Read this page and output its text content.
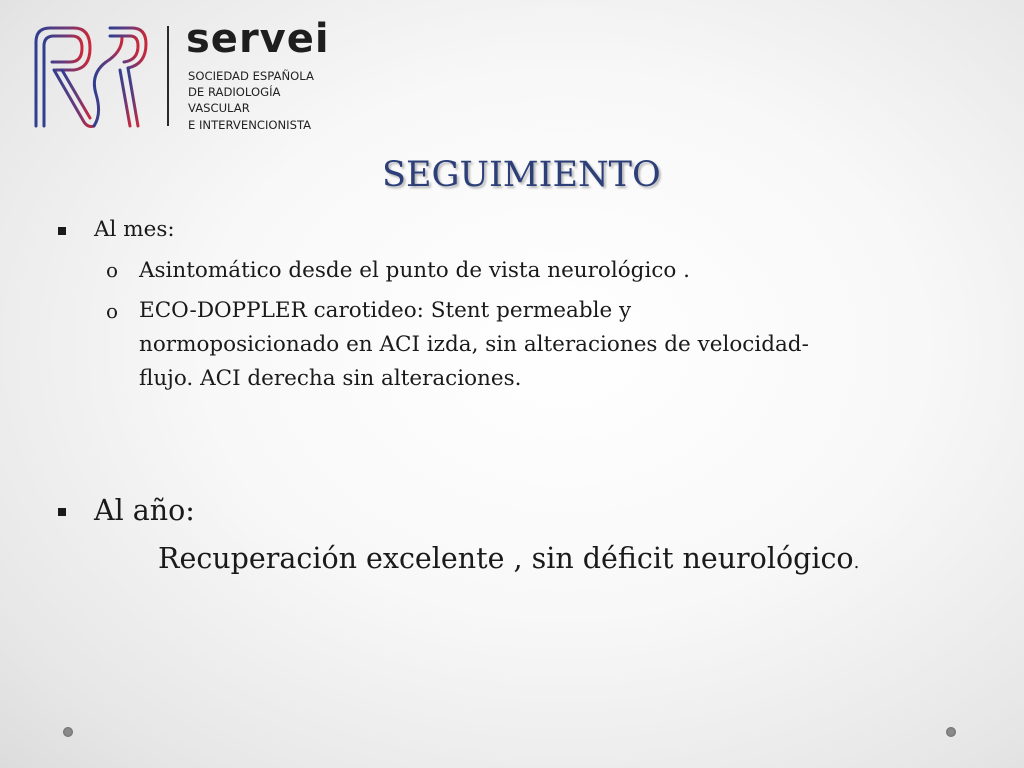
servei
SOCIEDAD ESPAÑOLA
DE RADIOLOGÍA
VASCULAR
E INTERVENCIONISTA
SEGUIMIENTO
Al mes:
o Asintomático desde el punto de vista neurológico .
o ECO-DOPPLER carotideo: Stent permeable y
normoposicionado en ACI izda, sin alteraciones de velocidad-
flujo. ACI derecha sin alteraciones.
Al año:
Recuperación excelente , sin déficit neurológico.
